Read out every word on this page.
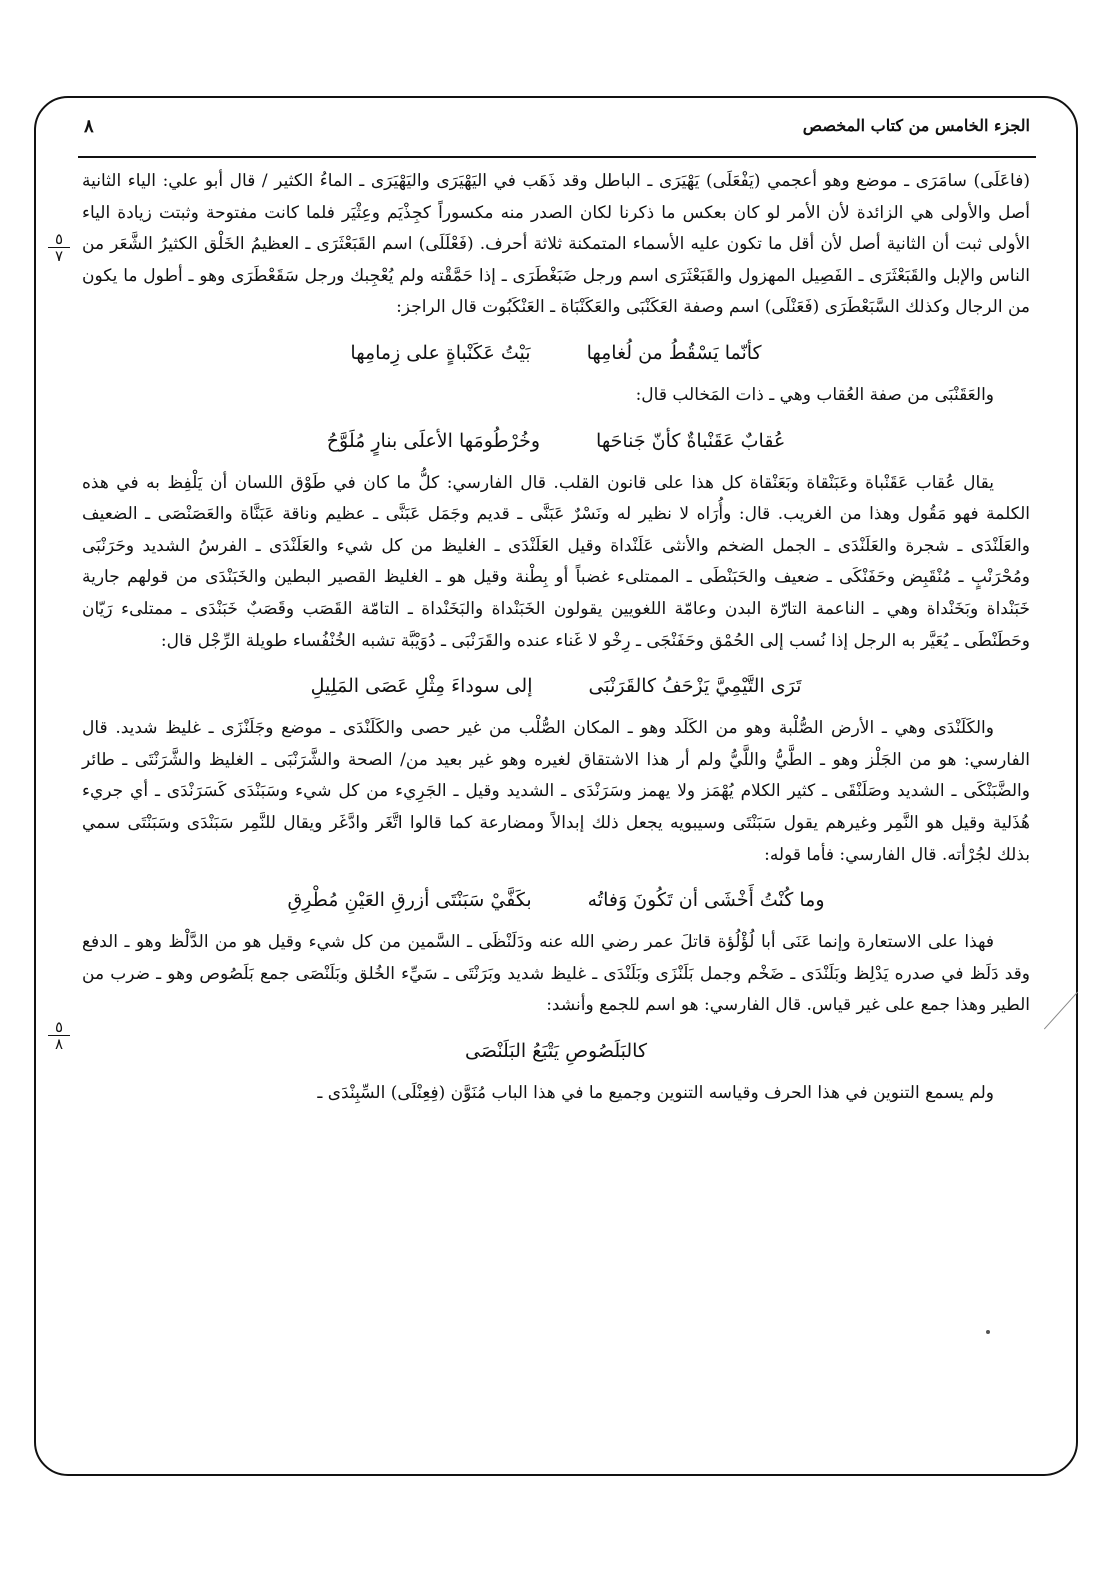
٨	الجزء الخامس من كتاب المخصص
٥
٧
٥
٨

(فاعَلَى) سامَرَى ـ موضع وهو أعجمي (يَفْعَلَى) يَهْيَرَى ـ الباطل وقد ذَهَب في اليَهْيَرَى واليَهْيَرَى ـ الماءُ الكثير / قال أبو علي: الياء الثانية أصل والأولى هي الزائدة لأن الأمر لو كان بعكس ما ذكرنا لكان الصدر منه مكسوراً كجِذْيَم وعِثْيَر فلما كانت مفتوحة وثبتت زيادة الياء الأولى ثبت أن الثانية أصل لأن أقل ما تكون عليه الأسماء المتمكنة ثلاثة أحرف. (فَعْلَلَى) اسم القَبَعْثَرَى ـ العظيمُ الخَلْق الكثيرُ الشَّعَر من الناس والإبل والقَبَعْثَرَى ـ الفَصِيل المهزول والقَبَعْثَرَى اسم ورجل ضَبَغْطَرَى ـ إذا حَمَّقْته ولم يُعْجِبك ورجل سَقَعْطَرَى وهو ـ أطول ما يكون من الرجال وكذلك السَّبَعْطَرَى (فَعَنْلَى) اسم وصفة العَكَنْبَى والعَكَنْبَاة ـ العَنْكَبُوت قال الراجز:

كأنّما يَسْقُطُ من لُغامِها
بَيْتُ عَكَنْباةٍ على زِمامِها

والعَقَنْبَى من صفة العُقاب وهي ـ ذات المَخالب قال:

عُقابٌ عَقَنْباةٌ كأنّ جَناحَها
وخُرْطُومَها الأعلَى بنارٍ مُلَوَّحُ

يقال عُقاب عَقَنْباة وعَبَنْقاة وبَعَنْقاة كل هذا على قانون القلب. قال الفارسي: كلُّ ما كان في طَوْق اللسان أن يَلْفِظ به في هذه الكلمة فهو مَقُول وهذا من الغريب. قال: وأُرَاه لا نظير له ونَسْرٌ عَبَنَّى ـ قديم وجَمَل عَبَنَّى ـ عظيم وناقة عَبَنَّاة والعَصَنْصَى ـ الضعيف والعَلَنْدَى ـ شجرة والعَلَنْدَى ـ الجمل الضخم والأنثى عَلَنْداة وقيل العَلَنْدَى ـ الغليظ من كل شيء والعَلَنْدَى ـ الفرسُ الشديد وحَرَنْبَى ومُحْرَنْبٍ ـ مُنْقَبِض وحَفَنْكَى ـ ضعيف والحَبَنْطَى ـ الممتلىء غضباً أو بِطْنة وقيل هو ـ الغليظ القصير البطين والخَبَنْدَى من قولهم جارية خَبَنْداة وبَخَنْداة وهي ـ الناعمة التارّة البدن وعامّة اللغويين يقولون الخَبَنْداة والبَخَنْداة ـ التامّة القَصَب وقَصَبٌ خَبَنْدَى ـ ممتلىء رَيّان وحَطَنْطَى ـ يُعَيَّر به الرجل إذا نُسب إلى الحُمْق وحَفَنْجَى ـ رِخْو لا غَناء عنده والقَرَنْبَى ـ دُوَيْبَّة تشبه الخُنْفُساء طويلة الرِّجْل قال:

تَرَى التَّيْمِيَّ يَزْحَفُ كالقَرَنْبَى
إلى سوداءَ مِثْلِ عَصَى المَلِيلِ

والكَلَنْدَى وهي ـ الأرض الصُّلْبة وهو من الكَلَد وهو ـ المكان الصُّلْب من غير حصى والكَلَنْدَى ـ موضع وجَلَنْزَى ـ غليظ شديد. قال الفارسي: هو من الجَلْز وهو ـ الطَّيُّ واللَّيُّ ولم أر هذا الاشتقاق لغيره وهو غير بعيد من/ الصحة والشَّرَنْبَى ـ الغليظ والشَّرَنْتَى ـ طائر والضَّبَنْكَى ـ الشديد وصَلَنْقَى ـ كثير الكلام يُهْمَز ولا يهمز وسَرَنْدَى ـ الشديد وقيل ـ الجَرِيء من كل شيء وسَبَنْدَى كَسَرَنْدَى ـ أي جريء هُذَلية وقيل هو النَّمِر وغيرهم يقول سَبَنْتَى وسيبويه يجعل ذلك إبدالاً ومضارعة كما قالوا اتَّغَر وادَّغَر ويقال للنَّمِر سَبَنْدَى وسَبَنْتَى سمي بذلك لجُرْأته. قال الفارسي: فأما قوله:

وما كُنْتُ أَخْشَى أن تَكُونَ وَفاتُه
بكَفَّيْ سَبَنْتَى أزرقِ العَيْنِ مُطْرِقِ

فهذا على الاستعارة وإنما عَنَى أبا لُؤْلُؤة قاتلَ عمر رضي الله عنه ودَلَنْظَى ـ السَّمين من كل شيء وقيل هو من الدَّلْظ وهو ـ الدفع وقد دَلَظ في صدره يَدْلِظ وبَلَنْدَى ـ ضَخْم وجمل بَلَنْزَى وبَلَنْدَى ـ غليظ شديد وبَرَنْتَى ـ سَيِّء الخُلق وبَلَنْصَى جمع بَلَصُوص وهو ـ ضرب من الطير وهذا جمع على غير قياس. قال الفارسي: هو اسم للجمع وأنشد:

كالبَلَصُوصِ يَتْبَعُ البَلَنْصَى

ولم يسمع التنوين في هذا الحرف وقياسه التنوين وجميع ما في هذا الباب مُنَوَّن (فِعِنْلَى) السِّبِنْدَى ـ
